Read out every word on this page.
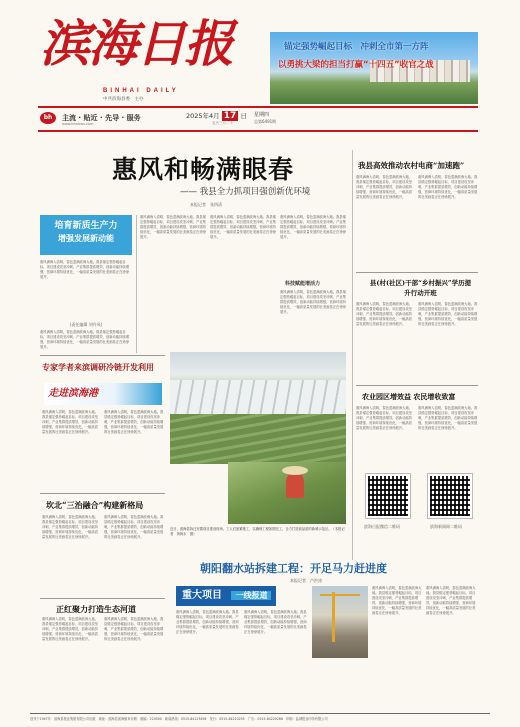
滨海日报
BINHAI DAILY
中共滨海县委　主办
bh	主流 · 贴近 · 先导 · 服务	2025年4月 17 日 星期四
总第6491期
农历三月二十
www.bhnews.com
锚定强势崛起目标　冲刺全市第一方阵
以勇挑大梁的担当打赢“十四五”收官之战
惠风和畅满眼春
—— 我县全力抓项目强创新优环境
本报记者　张四清
培育新质生产力
增强发展新动能
惠风满海入清明，春色盈满滨海大地。我县锚定强势崛起目标，项目建设攻坚冲刺，产业集群提质增效，创新动能持续增强，营商环境持续优化，一幅高质量发展的壮美画卷正在徐徐展开。
(责任编辑 刘丹凤)
惠风满海入清明，春色盈满滨海大地。我县锚定强势崛起目标，项目建设攻坚冲刺，产业集群提质增效，创新动能持续增强，营商环境持续优化，一幅高质量发展的壮美画卷正在徐徐展开。
惠风满海入清明，春色盈满滨海大地。我县锚定强势崛起目标，项目建设攻坚冲刺，产业集群提质增效，创新动能持续增强，营商环境持续优化，一幅高质量发展的壮美画卷正在徐徐展开。
惠风满海入清明，春色盈满滨海大地。我县锚定强势崛起目标，项目建设攻坚冲刺，产业集群提质增效，创新动能持续增强，营商环境持续优化，一幅高质量发展的壮美画卷正在徐徐展开。
惠风满海入清明，春色盈满滨海大地。我县锚定强势崛起目标，项目建设攻坚冲刺，产业集群提质增效，创新动能持续增强，营商环境持续优化，一幅高质量发展的壮美画卷正在徐徐展开。
科技赋能增活力
惠风满海入清明，春色盈满滨海大地。我县锚定强势崛起目标，项目建设攻坚冲刺，产业集群提质增效，创新动能持续增强，营商环境持续优化，一幅高质量发展的壮美画卷正在徐徐展开。
近日，滨海县拆迁安置项目建设现场，工人们加紧施工，以确保工程如期完工，全力打造高品质的新城示范区。（本报记者　刘尚永　摄）
专家学者来滨调研冷链开发利用
走进滨海港
惠风满海入清明，春色盈满滨海大地。我县锚定强势崛起目标，项目建设攻坚冲刺，产业集群提质增效，创新动能持续增强，营商环境持续优化，一幅高质量发展的壮美画卷正在徐徐展开。
惠风满海入清明，春色盈满滨海大地。我县锚定强势崛起目标，项目建设攻坚冲刺，产业集群提质增效，创新动能持续增强，营商环境持续优化，一幅高质量发展的壮美画卷正在徐徐展开。
坎北“三治融合”构建新格局
惠风满海入清明，春色盈满滨海大地。我县锚定强势崛起目标，项目建设攻坚冲刺，产业集群提质增效，创新动能持续增强，营商环境持续优化，一幅高质量发展的壮美画卷正在徐徐展开。
惠风满海入清明，春色盈满滨海大地。我县锚定强势崛起目标，项目建设攻坚冲刺，产业集群提质增效，创新动能持续增强，营商环境持续优化，一幅高质量发展的壮美画卷正在徐徐展开。
正红聚力打造生态河道
惠风满海入清明，春色盈满滨海大地。我县锚定强势崛起目标，项目建设攻坚冲刺，产业集群提质增效，创新动能持续增强，营商环境持续优化，一幅高质量发展的壮美画卷正在徐徐展开。
惠风满海入清明，春色盈满滨海大地。我县锚定强势崛起目标，项目建设攻坚冲刺，产业集群提质增效，创新动能持续增强，营商环境持续优化，一幅高质量发展的壮美画卷正在徐徐展开。
我县高效推动农村电商“加速跑”
惠风满海入清明，春色盈满滨海大地。我县锚定强势崛起目标，项目建设攻坚冲刺，产业集群提质增效，创新动能持续增强，营商环境持续优化，一幅高质量发展的壮美画卷正在徐徐展开。
惠风满海入清明，春色盈满滨海大地。我县锚定强势崛起目标，项目建设攻坚冲刺，产业集群提质增效，创新动能持续增强，营商环境持续优化，一幅高质量发展的壮美画卷正在徐徐展开。
县(村(社区)干部“乡村振兴”学历提升行动开班
惠风满海入清明，春色盈满滨海大地。我县锚定强势崛起目标，项目建设攻坚冲刺，产业集群提质增效，创新动能持续增强，营商环境持续优化，一幅高质量发展的壮美画卷正在徐徐展开。
惠风满海入清明，春色盈满滨海大地。我县锚定强势崛起目标，项目建设攻坚冲刺，产业集群提质增效，创新动能持续增强，营商环境持续优化，一幅高质量发展的壮美画卷正在徐徐展开。
农业园区增效益 农民增收致富
惠风满海入清明，春色盈满滨海大地。我县锚定强势崛起目标，项目建设攻坚冲刺，产业集群提质增效，创新动能持续增强，营商环境持续优化，一幅高质量发展的壮美画卷正在徐徐展开。
惠风满海入清明，春色盈满滨海大地。我县锚定强势崛起目标，项目建设攻坚冲刺，产业集群提质增效，创新动能持续增强，营商环境持续优化，一幅高质量发展的壮美画卷正在徐徐展开。
滨海日报微信二维码	滨海新闻网二维码
朝阳翻水站拆建工程：开足马力赶进度
本报记者　卢洪涛
重大项目 一线报道
惠风满海入清明，春色盈满滨海大地。我县锚定强势崛起目标，项目建设攻坚冲刺，产业集群提质增效，创新动能持续增强，营商环境持续优化，一幅高质量发展的壮美画卷正在徐徐展开。
惠风满海入清明，春色盈满滨海大地。我县锚定强势崛起目标，项目建设攻坚冲刺，产业集群提质增效，创新动能持续增强，营商环境持续优化，一幅高质量发展的壮美画卷正在徐徐展开。
惠风满海入清明，春色盈满滨海大地。我县锚定强势崛起目标，项目建设攻坚冲刺，产业集群提质增效，创新动能持续增强，营商环境持续优化，一幅高质量发展的壮美画卷正在徐徐展开。
惠风满海入清明，春色盈满滨海大地。我县锚定强势崛起目标，项目建设攻坚冲刺，产业集群提质增效，创新动能持续增强，营商环境持续优化，一幅高质量发展的壮美画卷正在徐徐展开。
创刊于1947年　滨海县报业集团有限公司出版　地址：滨海县滨海镇阜东路　邮编：224500　新闻热线：0515-84123456　发行：0515-84220255　广告：0515-84220266　印刷：盐城报业印务有限公司
